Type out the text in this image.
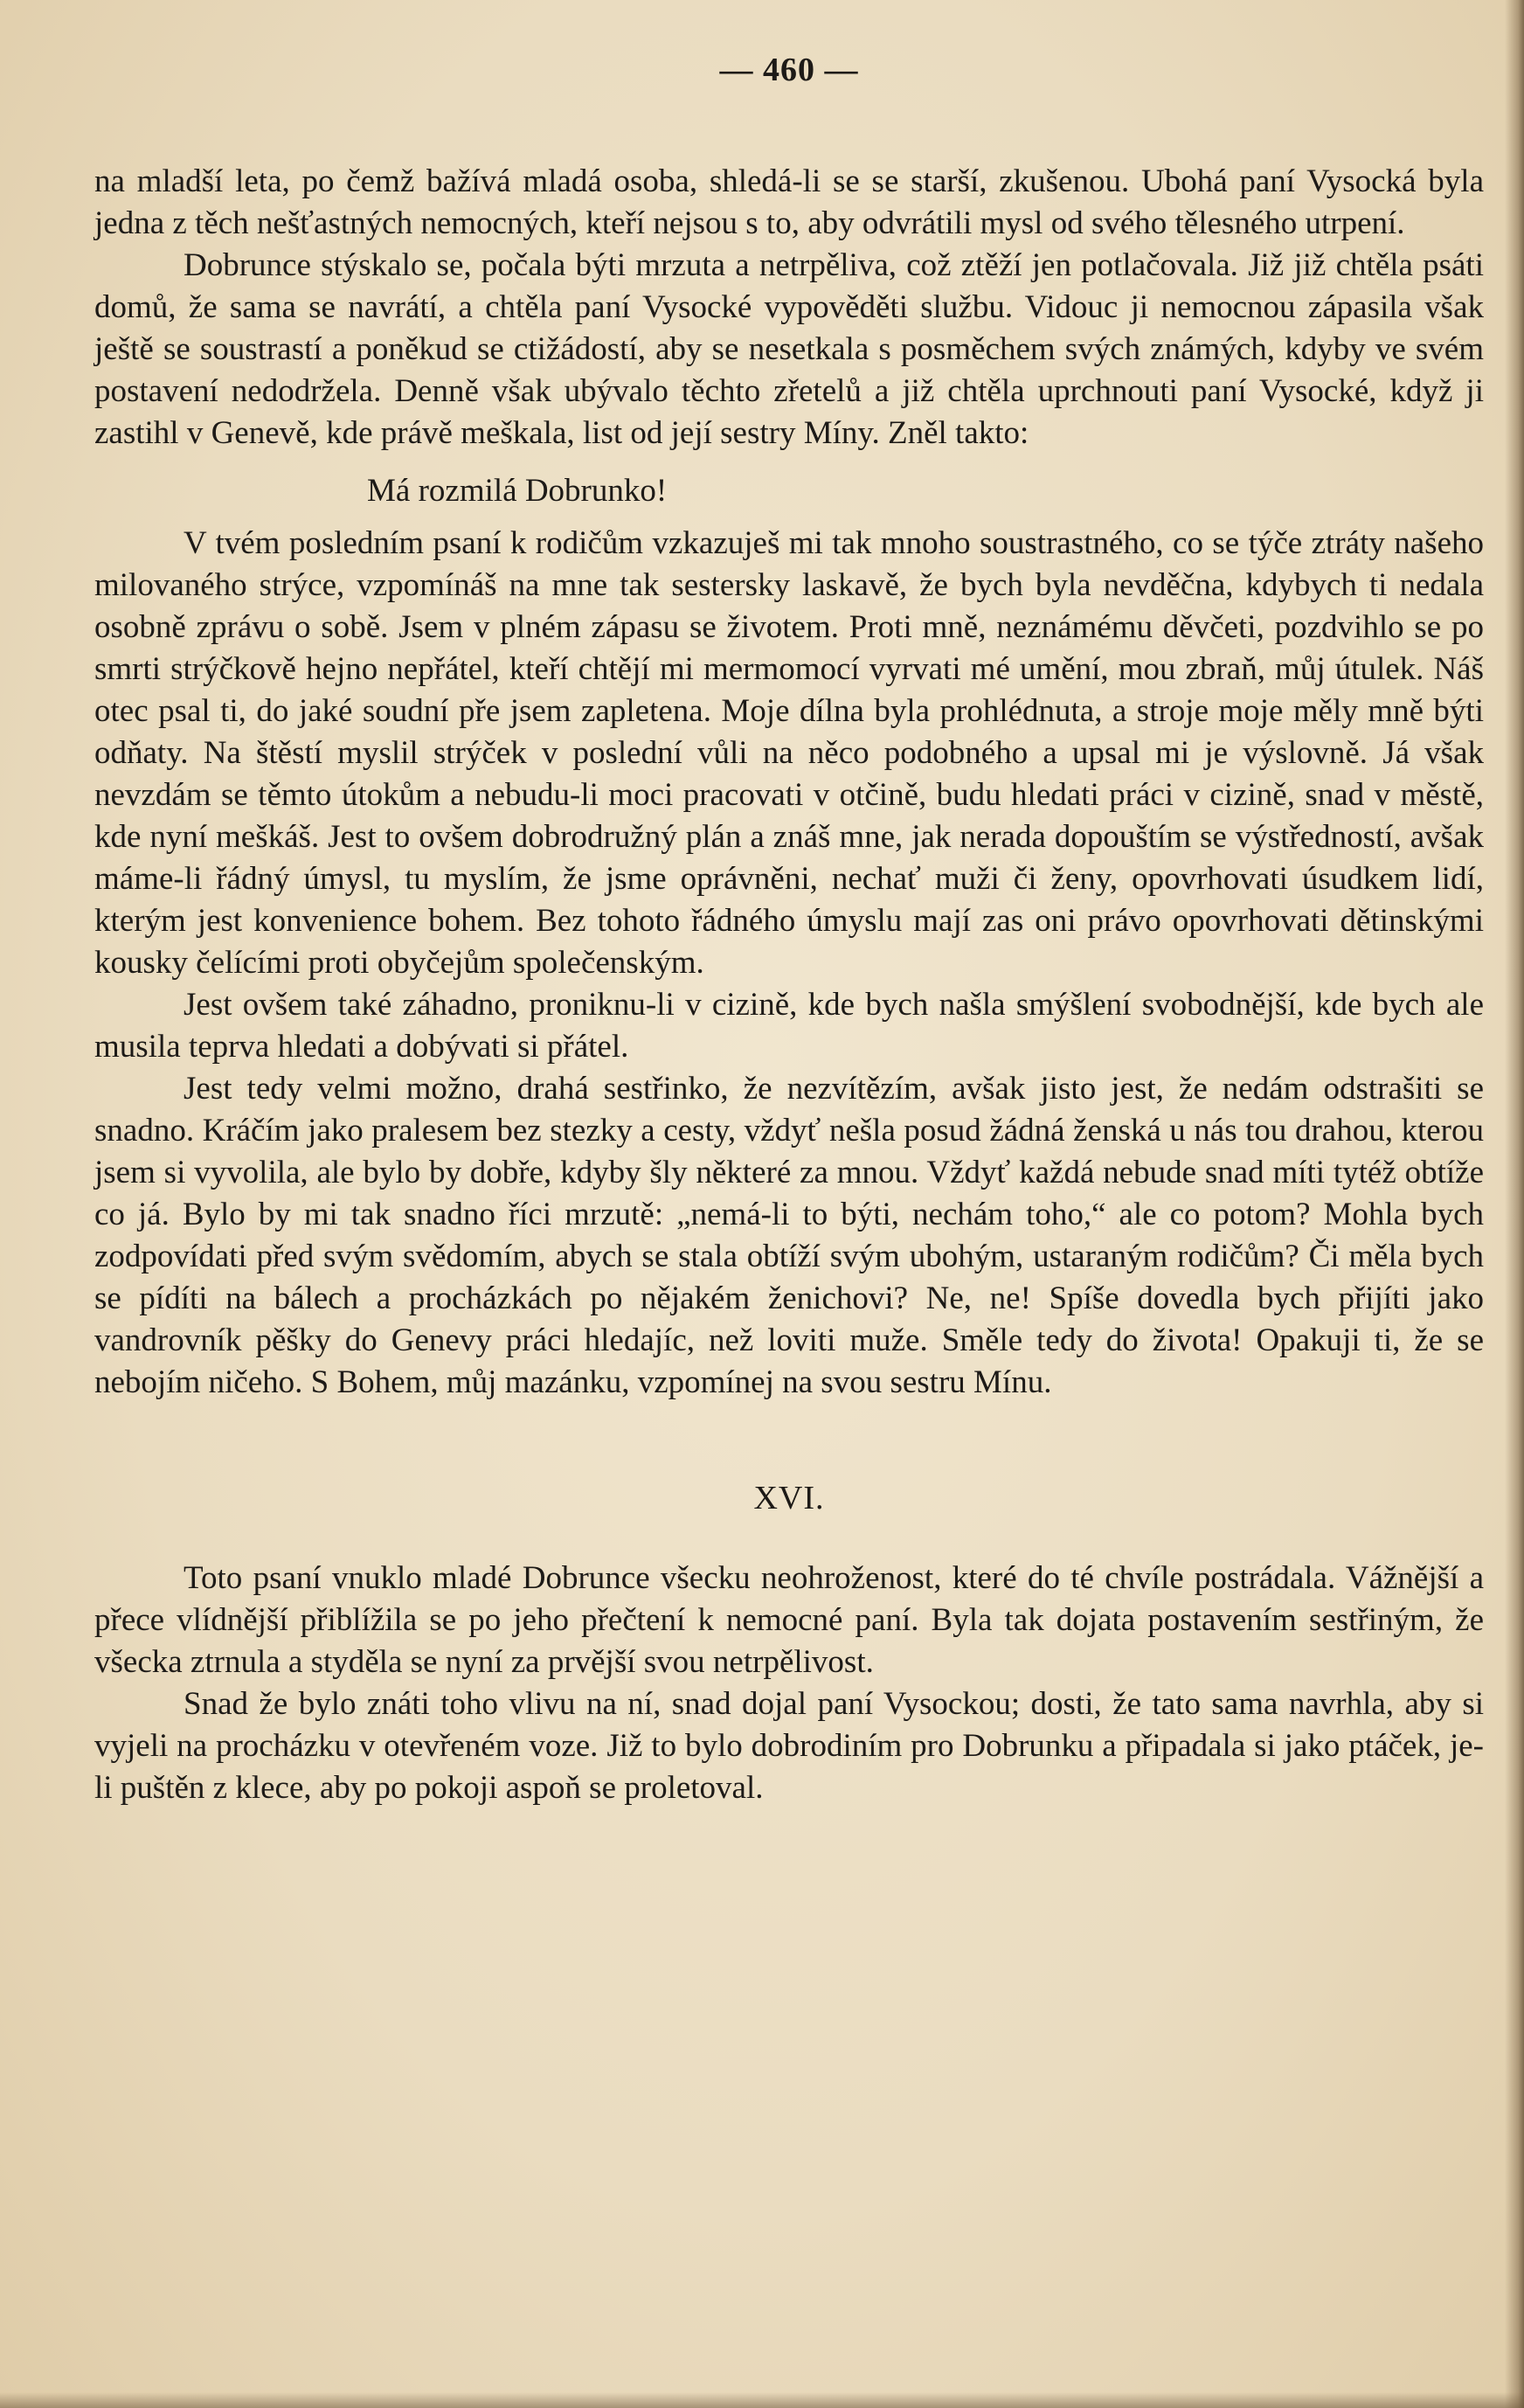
— 460 —

na mladší leta, po čemž bažívá mladá osoba, shledá-li se se starší, zkušenou. Ubohá paní Vysocká byla jedna z těch nešťastných nemocných, kteří nejsou s to, aby odvrátili mysl od svého tělesného utrpení.

Dobrunce stýskalo se, počala býti mrzuta a netrpěliva, což ztěží jen potlačovala. Již již chtěla psáti domů, že sama se navrátí, a chtěla paní Vysocké vypověděti službu. Vidouc ji nemocnou zápasila však ještě se soustrastí a poněkud se ctižádostí, aby se nesetkala s posměchem svých známých, kdyby ve svém postavení nedodržela. Denně však ubývalo těchto zřetelů a již chtěla uprchnouti paní Vysocké, když ji zastihl v Genevě, kde právě meškala, list od její sestry Míny. Zněl takto:

Má rozmilá Dobrunko!

V tvém posledním psaní k rodičům vzkazuješ mi tak mnoho soustrastného, co se týče ztráty našeho milovaného strýce, vzpomínáš na mne tak sestersky laskavě, že bych byla nevděčna, kdybych ti nedala osobně zprávu o sobě. Jsem v plném zápasu se životem. Proti mně, neznámému děvčeti, pozdvihlo se po smrti strýčkově hejno nepřátel, kteří chtějí mi mermomocí vyrvati mé umění, mou zbraň, můj útulek. Náš otec psal ti, do jaké soudní pře jsem zapletena. Moje dílna byla prohlédnuta, a stroje moje měly mně býti odňaty. Na štěstí myslil strýček v poslední vůli na něco podobného a upsal mi je výslovně. Já však nevzdám se těmto útokům a nebudu-li moci pracovati v otčině, budu hledati práci v cizině, snad v městě, kde nyní meškáš. Jest to ovšem dobrodružný plán a znáš mne, jak nerada dopouštím se výstředností, avšak máme-li řádný úmysl, tu myslím, že jsme oprávněni, nechať muži či ženy, opovrhovati úsudkem lidí, kterým jest konvenience bohem. Bez tohoto řádného úmyslu mají zas oni právo opovrhovati dětinskými kousky čelícími proti obyčejům společenským.

Jest ovšem také záhadno, proniknu-li v cizině, kde bych našla smýšlení svobodnější, kde bych ale musila teprva hledati a dobývati si přátel.

Jest tedy velmi možno, drahá sestřinko, že nezvítězím, avšak jisto jest, že nedám odstrašiti se snadno. Kráčím jako pralesem bez stezky a cesty, vždyť nešla posud žádná ženská u nás tou drahou, kterou jsem si vyvolila, ale bylo by dobře, kdyby šly některé za mnou. Vždyť každá nebude snad míti tytéž obtíže co já. Bylo by mi tak snadno říci mrzutě: „nemá-li to býti, nechám toho,“ ale co potom? Mohla bych zodpovídati před svým svědomím, abych se stala obtíží svým ubohým, ustaraným rodičům? Či měla bych se pídíti na bálech a procházkách po nějakém ženichovi? Ne, ne! Spíše dovedla bych přijíti jako vandrovník pěšky do Genevy práci hledajíc, než loviti muže. Směle tedy do života! Opakuji ti, že se nebojím ničeho. S Bohem, můj mazánku, vzpomínej na svou sestru Mínu.

XVI.

Toto psaní vnuklo mladé Dobrunce všecku neohroženost, které do té chvíle postrádala. Vážnější a přece vlídnější přiblížila se po jeho přečtení k nemocné paní. Byla tak dojata postavením sestřiným, že všecka ztrnula a styděla se nyní za prvější svou netrpělivost.

Snad že bylo znáti toho vlivu na ní, snad dojal paní Vysockou; dosti, že tato sama navrhla, aby si vyjeli na procházku v otevřeném voze. Již to bylo dobrodiním pro Dobrunku a připadala si jako ptáček, je-li puštěn z klece, aby po pokoji aspoň se proletoval.
